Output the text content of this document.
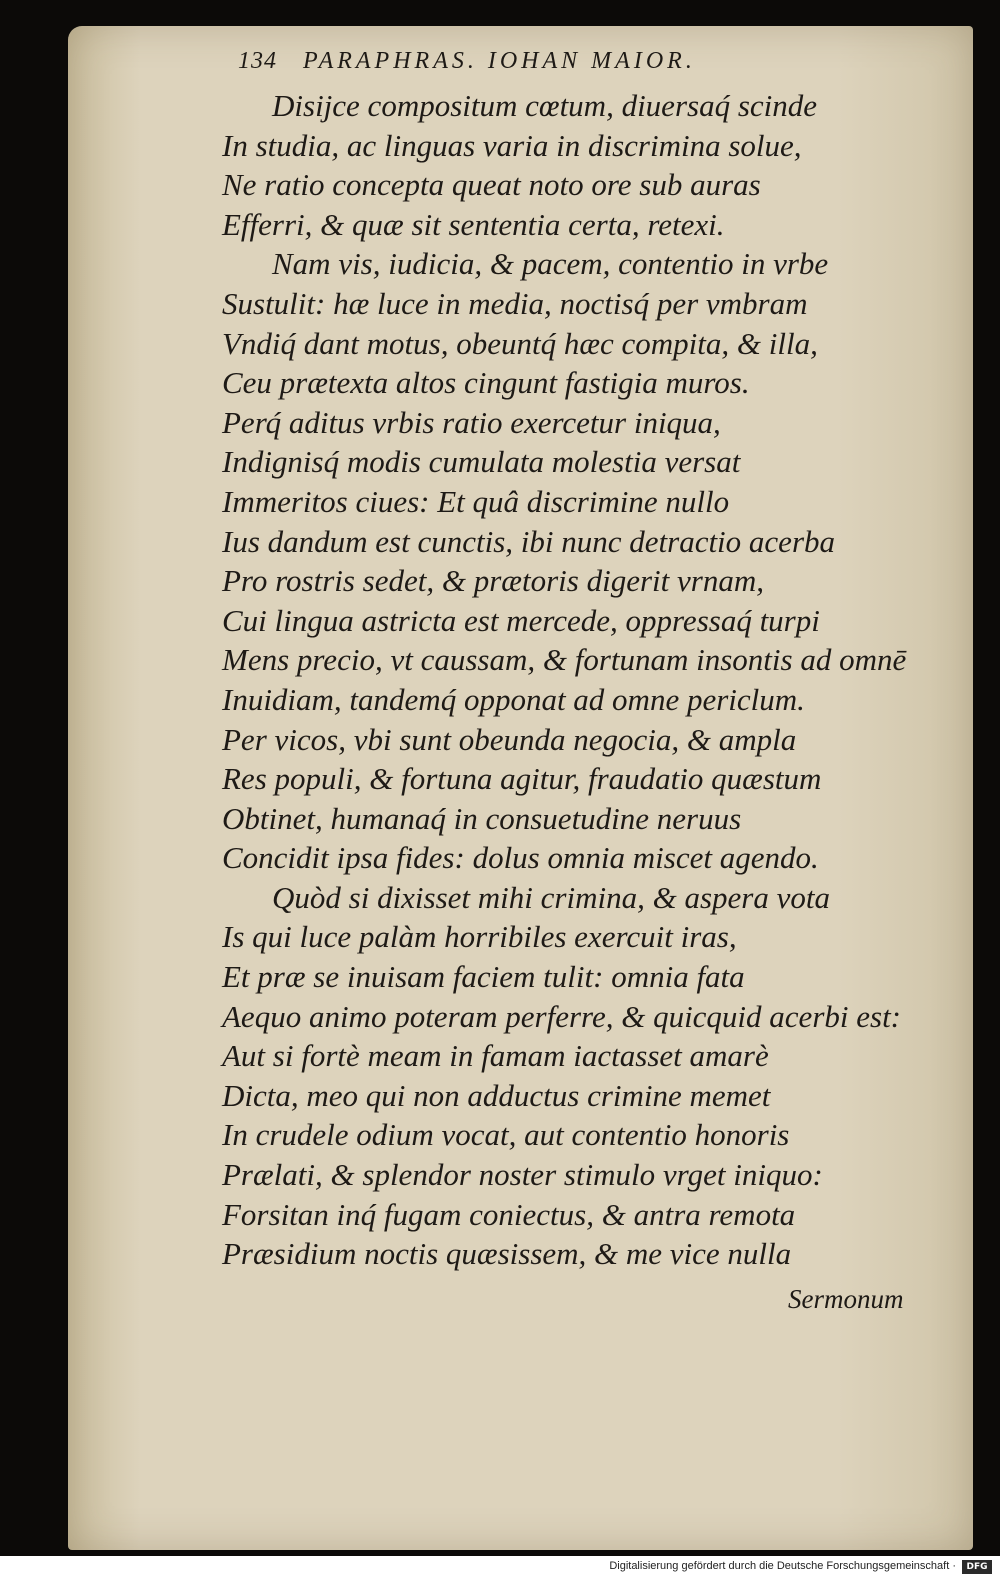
134 PARAPHRAS. IOHAN MAIOR.
Disijce compositum cœtum, diuersaq́ scinde
In studia, ac linguas varia in discrimina solue,
Ne ratio concepta queat noto ore sub auras
Efferri, & quæ sit sententia certa, retexi.
Nam vis, iudicia, & pacem, contentio in vrbe
Sustulit: hæ luce in media, noctisq́ per vmbram
Vndiq́ dant motus, obeuntq́ hæc compita, & illa,
Ceu prætexta altos cingunt fastigia muros.
Perq́ aditus vrbis ratio exercetur iniqua,
Indignisq́ modis cumulata molestia versat
Immeritos ciues: Et quâ discrimine nullo
Ius dandum est cunctis, ibi nunc detractio acerba
Pro rostris sedet, & prætoris digerit vrnam,
Cui lingua astricta est mercede, oppressaq́ turpi
Mens precio, vt caussam, & fortunam insontis ad omnē
Inuidiam, tandemq́ opponat ad omne periclum.
Per vicos, vbi sunt obeunda negocia, & ampla
Res populi, & fortuna agitur, fraudatio quæstum
Obtinet, humanaq́ in consuetudine neruus
Concidit ipsa fides: dolus omnia miscet agendo.
Quòd si dixisset mihi crimina, & aspera vota
Is qui luce palàm horribiles exercuit iras,
Et præ se inuisam faciem tulit: omnia fata
Aequo animo poteram perferre, & quicquid acerbi est:
Aut si fortè meam in famam iactasset amarè
Dicta, meo qui non adductus crimine memet
In crudele odium vocat, aut contentio honoris
Prælati, & splendor noster stimulo vrget iniquo:
Forsitan inq́ fugam coniectus, & antra remota
Præsidium noctis quæsissem, & me vice nulla
Sermonum
Digitalisierung gefördert durch die Deutsche Forschungsgemeinschaft ·	DFG
